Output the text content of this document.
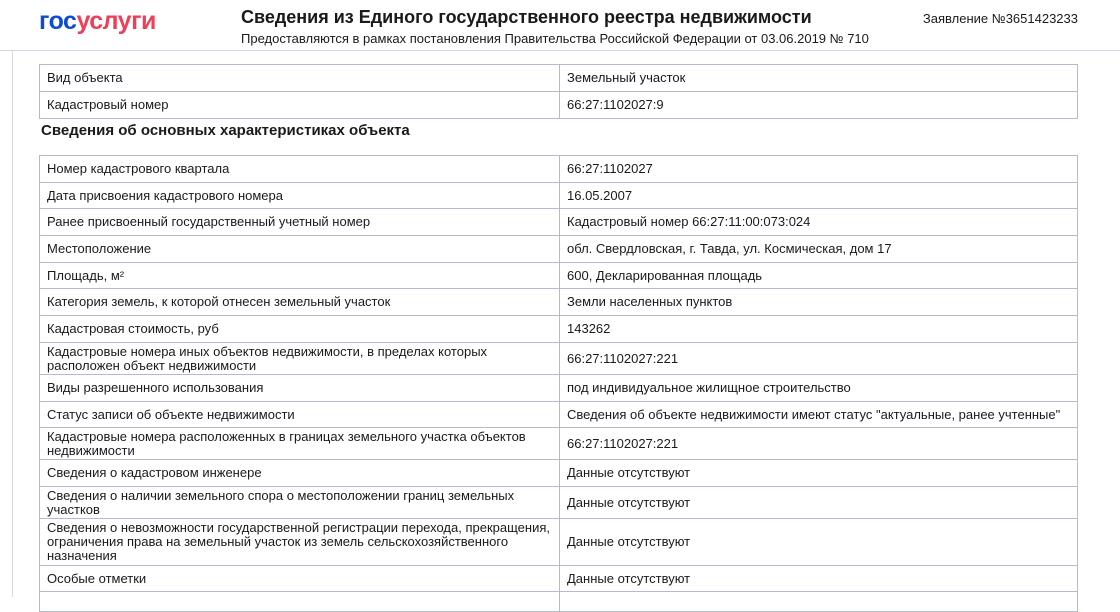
госуслуги	Сведения из Единого государственного реестра недвижимости
Предоставляются в рамках постановления Правительства Российской Федерации от 03.06.2019 № 710
Заявление №3651423233
Вид объекта	Земельный участок
Кадастровый номер	66:27:1102027:9
Сведения об основных характеристиках объекта
Номер кадастрового квартала	66:27:1102027
Дата присвоения кадастрового номера	16.05.2007
Ранее присвоенный государственный учетный номер	Кадастровый номер 66:27:11:00:073:024
Местоположение	обл. Свердловская, г. Тавда, ул. Космическая, дом 17
Площадь, м²	600, Декларированная площадь
Категория земель, к которой отнесен земельный участок	Земли населенных пунктов
Кадастровая стоимость, руб	143262
Кадастровые номера иных объектов недвижимости, в пределах которых расположен объект недвижимости	66:27:1102027:221
Виды разрешенного использования	под индивидуальное жилищное строительство
Статус записи об объекте недвижимости	Сведения об объекте недвижимости имеют статус "актуальные, ранее учтенные"
Кадастровые номера расположенных в границах земельного участка объектов недвижимости	66:27:1102027:221
Сведения о кадастровом инженере	Данные отсутствуют
Сведения о наличии земельного спора о местоположении границ земельных участков	Данные отсутствуют
Сведения о невозможности государственной регистрации перехода, прекращения, ограничения права на земельный участок из земель сельскохозяйственного назначения	Данные отсутствуют
Особые отметки	Данные отсутствуют
